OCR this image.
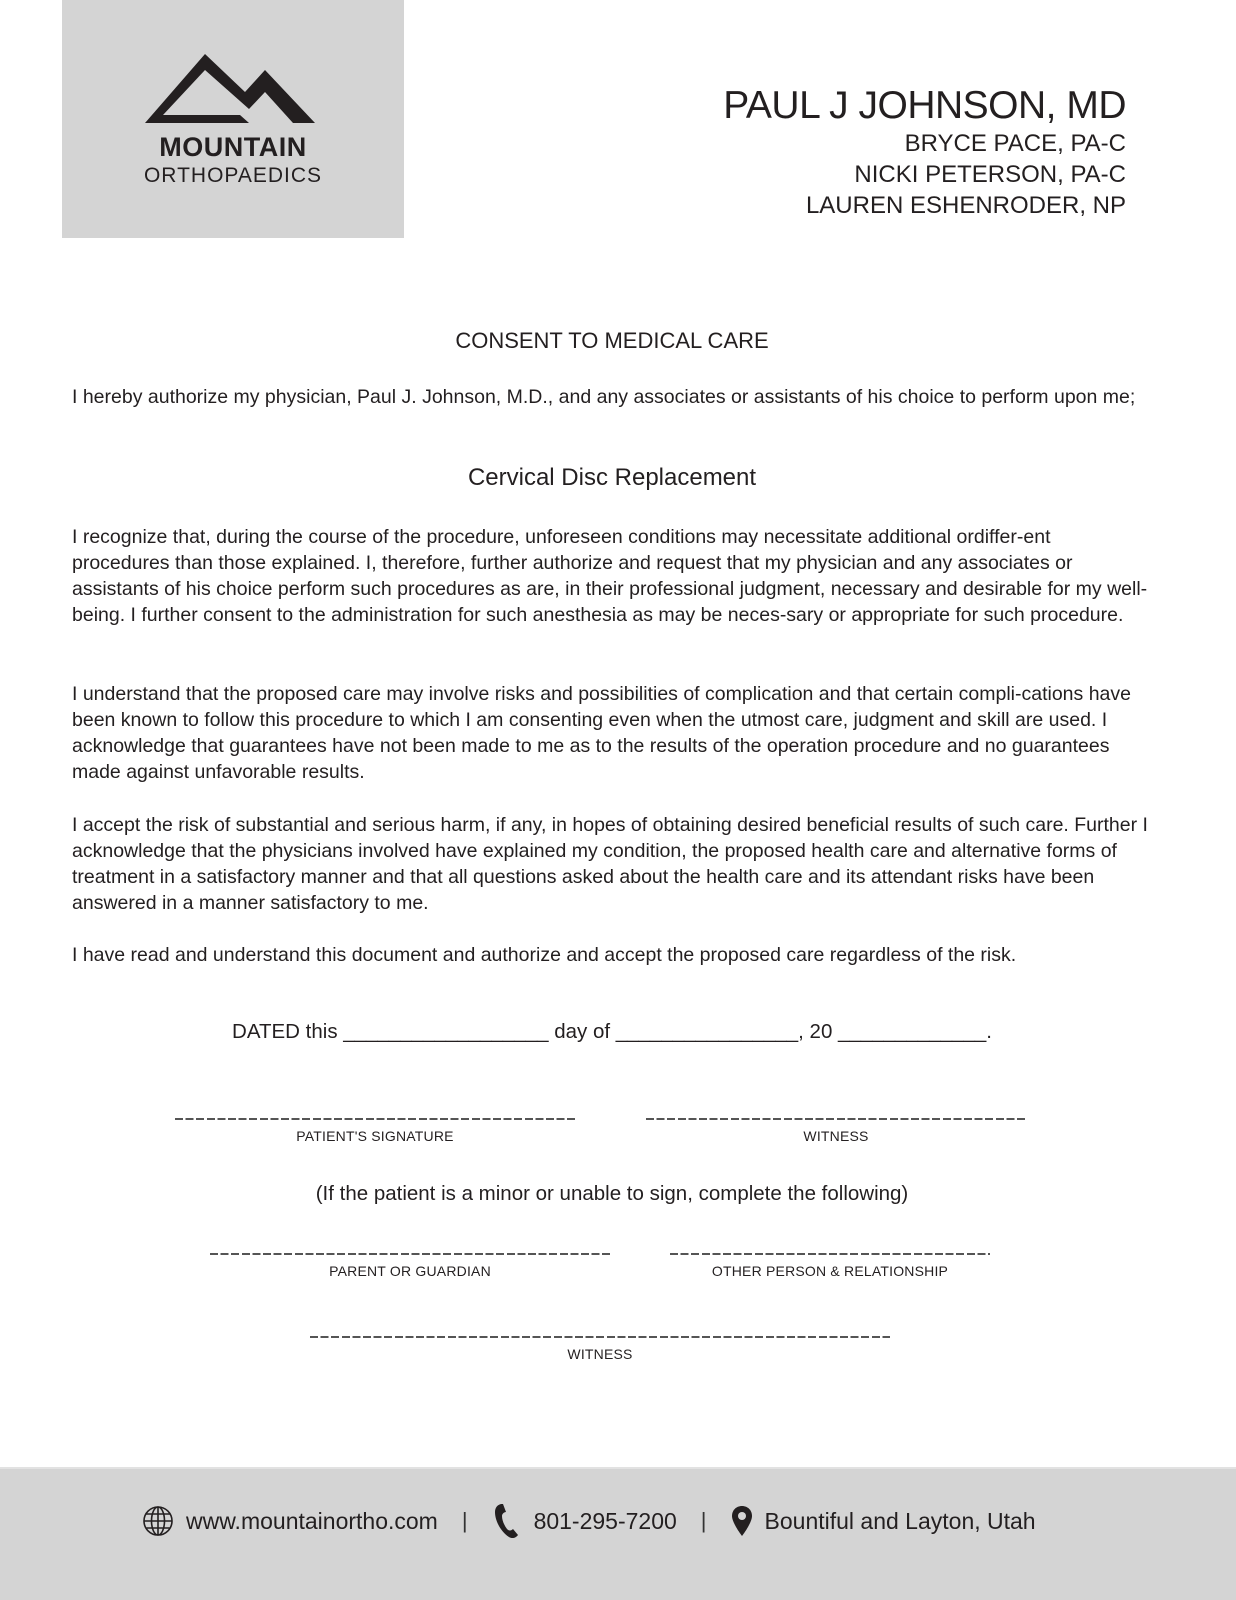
MOUNTAIN
ORTHOPAEDICS
PAUL J JOHNSON, MD
BRYCE PACE, PA-C
NICKI PETERSON, PA-C
LAUREN ESHENRODER, NP
CONSENT TO MEDICAL CARE
I hereby authorize my physician, Paul J. Johnson, M.D., and any associates or assistants of his choice to perform upon me;
Cervical Disc Replacement
I recognize that, during the course of the procedure, unforeseen conditions may necessitate additional ordiffer-ent procedures than those explained. I, therefore, further authorize and request that my physician and any associates or assistants of his choice perform such procedures as are, in their professional judgment, necessary and desirable for my well-being. I further consent to the administration for such anesthesia as may be neces-sary or appropriate for such procedure.
I understand that the proposed care may involve risks and possibilities of complication and that certain compli-cations have been known to follow this procedure to which I am consenting even when the utmost care, judgment and skill are used. I acknowledge that guarantees have not been made to me as to the results of the operation procedure and no guarantees made against unfavorable results.
I accept the risk of substantial and serious harm, if any, in hopes of obtaining desired beneficial results of such care. Further I acknowledge that the physicians involved have explained my condition, the proposed health care and alternative forms of treatment in a satisfactory manner and that all questions asked about the health care and its attendant risks have been answered in a manner satisfactory to me.
I have read and understand this document and authorize and accept the proposed care regardless of the risk.
DATED this __________________ day of ________________, 20 _____________.
PATIENT'S SIGNATURE	WITNESS
(If the patient is a minor or unable to sign, complete the following)
PARENT OR GUARDIAN	OTHER PERSON & RELATIONSHIP
WITNESS
www.mountainortho.com |	801-295-7200 |	Bountiful and Layton, Utah
